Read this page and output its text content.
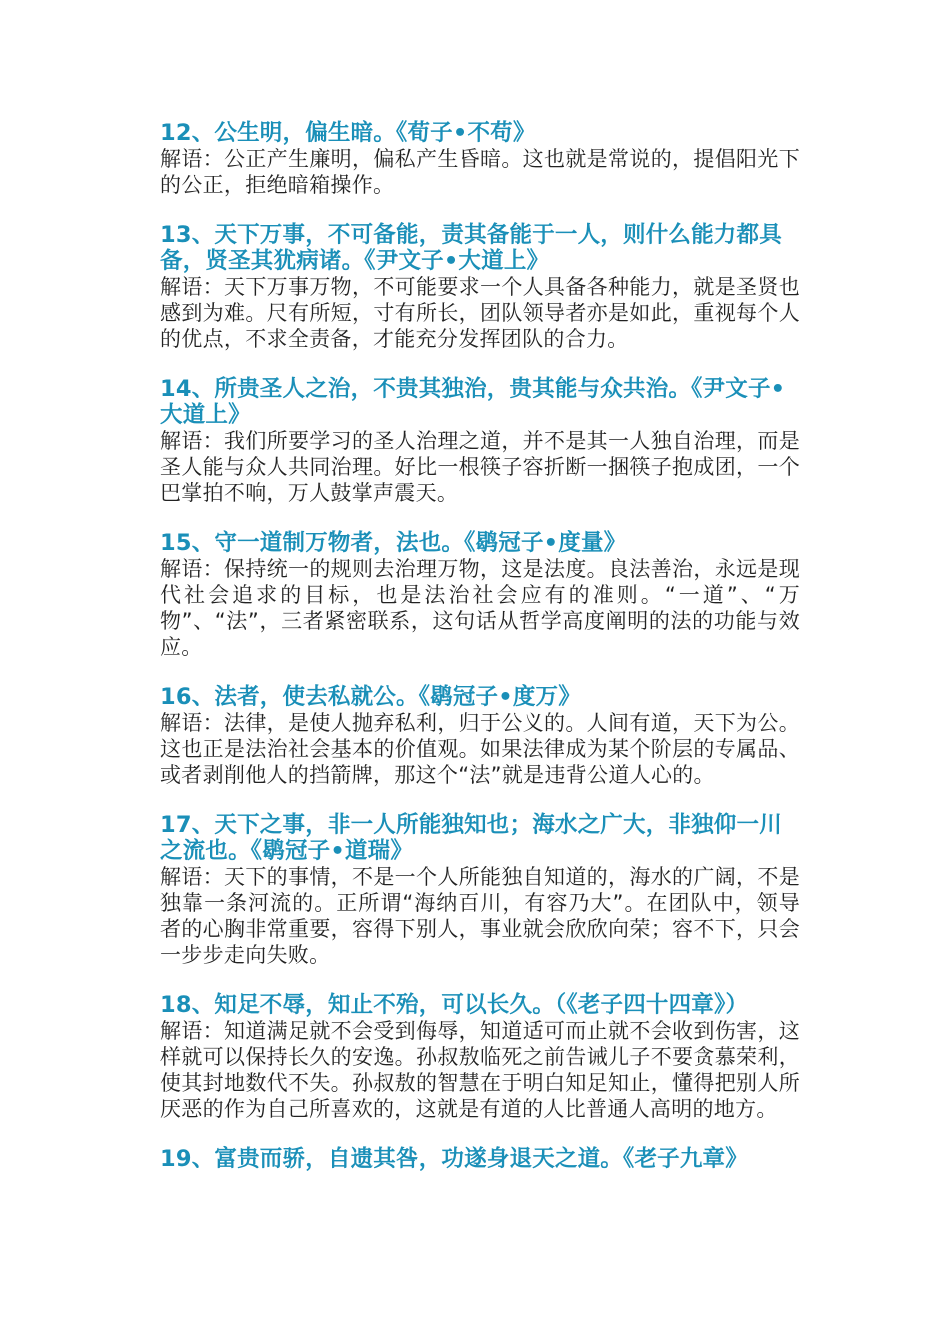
12、公生明，偏生暗。《荀子•不苟》

解语：公正产生廉明，偏私产生昏暗。这也就是常说的，提倡阳光下的公正，拒绝暗箱操作。

13、天下万事，不可备能，责其备能于一人，则什么能力都具备，贤圣其犹病诸。《尹文子•大道上》

解语：天下万事万物，不可能要求一个人具备各种能力，就是圣贤也感到为难。尺有所短，寸有所长，团队领导者亦是如此，重视每个人的优点，不求全责备，才能充分发挥团队的合力。

14、所贵圣人之治，不贵其独治，贵其能与众共治。《尹文子•大道上》

解语：我们所要学习的圣人治理之道，并不是其一人独自治理，而是圣人能与众人共同治理。好比一根筷子容折断一捆筷子抱成团，一个巴掌拍不响，万人鼓掌声震天。

15、守一道制万物者，法也。《鹖冠子•度量》

解语：保持统一的规则去治理万物，这是法度。良法善治，永远是现代社会追求的目标，也是法治社会应有的准则。“一道”、“万物”、“法”，三者紧密联系，这句话从哲学高度阐明的法的功能与效应。

16、法者，使去私就公。《鹖冠子•度万》

解语：法律，是使人抛弃私利，归于公义的。人间有道，天下为公。这也正是法治社会基本的价值观。如果法律成为某个阶层的专属品、或者剥削他人的挡箭牌，那这个“法”就是违背公道人心的。

17、天下之事，非一人所能独知也；海水之广大，非独仰一川之流也。《鹖冠子•道瑞》

解语：天下的事情，不是一个人所能独自知道的，海水的广阔，不是独靠一条河流的。正所谓“海纳百川，有容乃大”。在团队中，领导者的心胸非常重要，容得下别人，事业就会欣欣向荣；容不下，只会一步步走向失败。

18、知足不辱，知止不殆，可以长久。（《老子四十四章》）

解语：知道满足就不会受到侮辱，知道适可而止就不会收到伤害，这样就可以保持长久的安逸。孙叔敖临死之前告诫儿子不要贪慕荣利，使其封地数代不失。孙叔敖的智慧在于明白知足知止，懂得把别人所厌恶的作为自己所喜欢的，这就是有道的人比普通人高明的地方。

19、富贵而骄，自遗其咎，功遂身退天之道。《老子九章》
